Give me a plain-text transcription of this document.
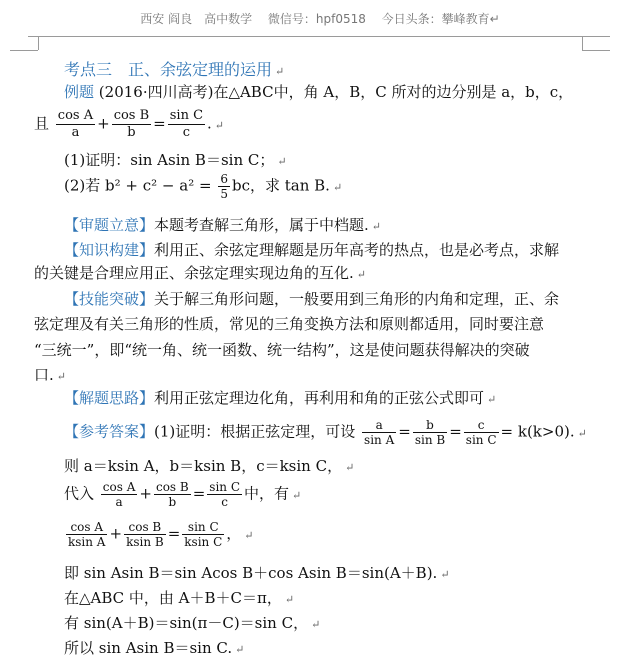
西安 阎良　高中数学　 微信号：hpf0518　 今日头条：攀峰教育↵
考点三　正、余弦定理的运用 ↵
例题 (2016·四川高考)在△ABC中，角 A，B，C 所对的边分别是 a，b，c，
且 $\frac{\text{cos A}}{a} + \frac{\text{cos B}}{b} = \frac{\text{sin C}}{c}$ . ↵
(1)证明：sin Asin B＝sin C； ↵
(2)若 $b^2 + c^2 - a^2 = \frac{6}{5}$ bc，求 tan B. ↵
【审题立意】本题考查解三角形，属于中档题. ↵
【知识构建】利用正、余弦定理解题是历年高考的热点，也是必考点，求解
的关键是合理应用正、余弦定理实现边角的互化. ↵
【技能突破】关于解三角形问题，一般要用到三角形的内角和定理，正、余
弦定理及有关三角形的性质，常见的三角变换方法和原则都适用，同时要注意
“三统一”，即“统一角、统一函数、统一结构”，这是使问题获得解决的突破
口. ↵
【解题思路】利用正弦定理边化角，再利用和角的正弦公式即可 ↵
【参考答案】(1)证明：根据正弦定理，可设 $\frac{a}{\text{sin A}} = \frac{b}{\text{sin B}} = \frac{c}{\text{sin C}} = k(k>0)$. ↵
则 a＝ksin A，b＝ksin B，c＝ksin C， ↵
代入 $\frac{\text{cos A}}{a} + \frac{\text{cos B}}{b} = \frac{\text{sin C}}{c}$ 中，有 ↵
$\frac{\text{cos A}}{\text{ksin A}} + \frac{\text{cos B}}{\text{ksin B}} = \frac{\text{sin C}}{\text{ksin C}}$ ， ↵
即 sin Asin B＝sin Acos B＋cos Asin B＝sin(A＋B). ↵
在△ABC 中，由 A＋B＋C＝π， ↵
有 sin(A＋B)＝sin(π－C)＝sin C， ↵
所以 sin Asin B＝sin C. ↵
